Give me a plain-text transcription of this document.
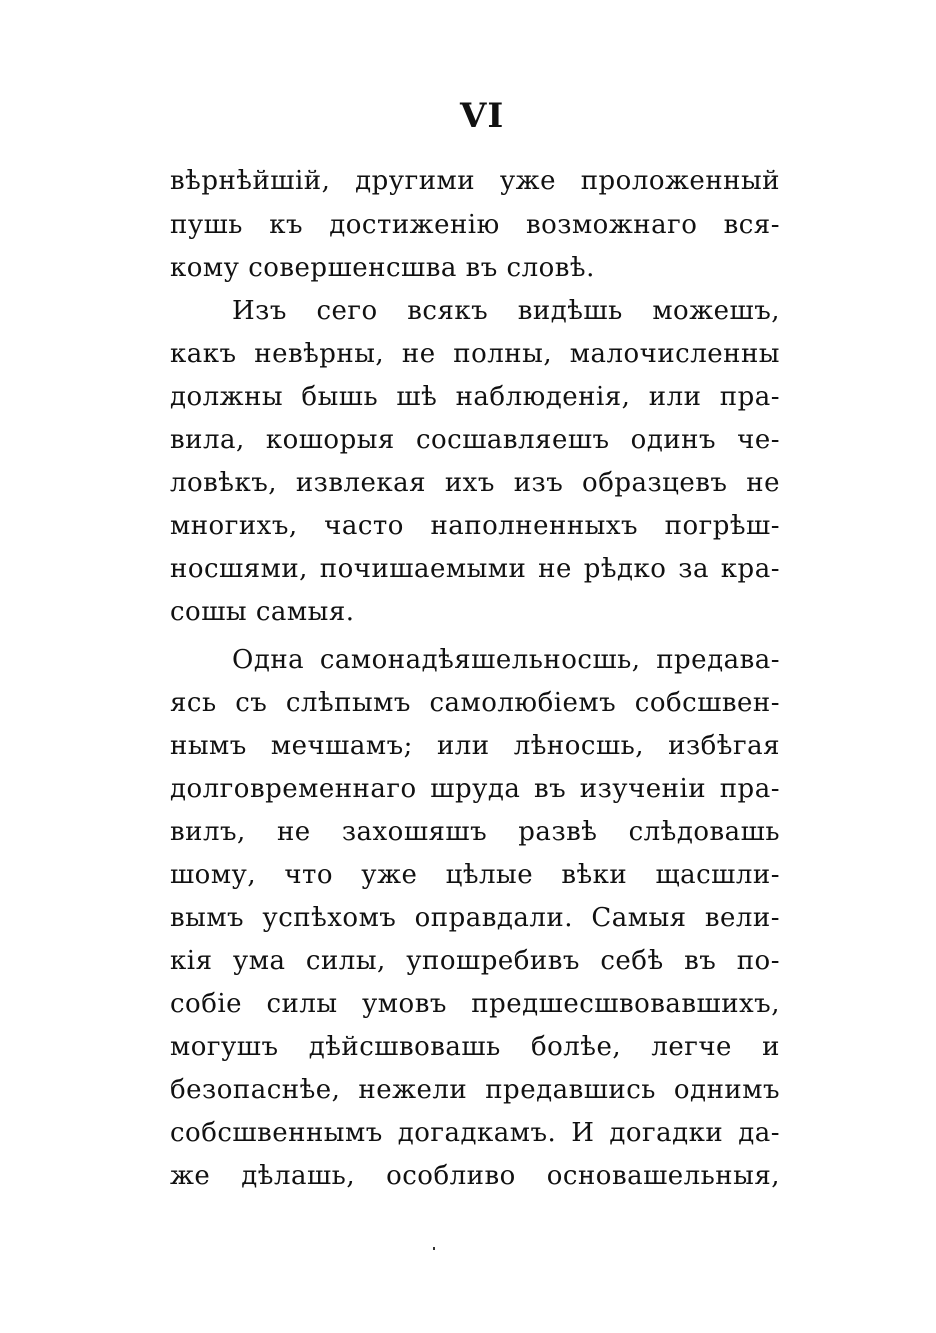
VI
вѣрнѣйшій, другими уже проложенный
пушь къ достиженію возможнаго вся-
кому совершенсшва въ словѣ.
Изъ сего всякъ видѣшь можешъ,
какъ невѣрны, не полны, малочисленны
должны бышь шѣ наблюденія, или пра-
вила, кошорыя сосшавляешъ одинъ че-
ловѣкъ, извлекая ихъ изъ образцевъ не
многихъ, часто наполненныхъ погрѣш-
носшями, почишаемыми не рѣдко за кра-
сошы самыя.
Одна самонадѣяшельносшь, предава-
ясь съ слѣпымъ самолюбіемъ собсшвен-
нымъ мечшамъ; или лѣносшь, избѣгая
долговременнаго шруда въ изученіи пра-
вилъ, не захошяшъ развѣ слѣдовашь
шому, что уже цѣлые вѣки щасшли-
вымъ успѣхомъ оправдали. Самыя вели-
кія ума силы, упошребивъ себѣ въ по-
собіе силы умовъ предшесшвовавшихъ,
могушъ дѣйсшвовашь болѣе, легче и
безопаснѣе, нежели предавшись однимъ
собсшвеннымъ догадкамъ. И догадки да-
же дѣлашь, особливо основашельныя,
